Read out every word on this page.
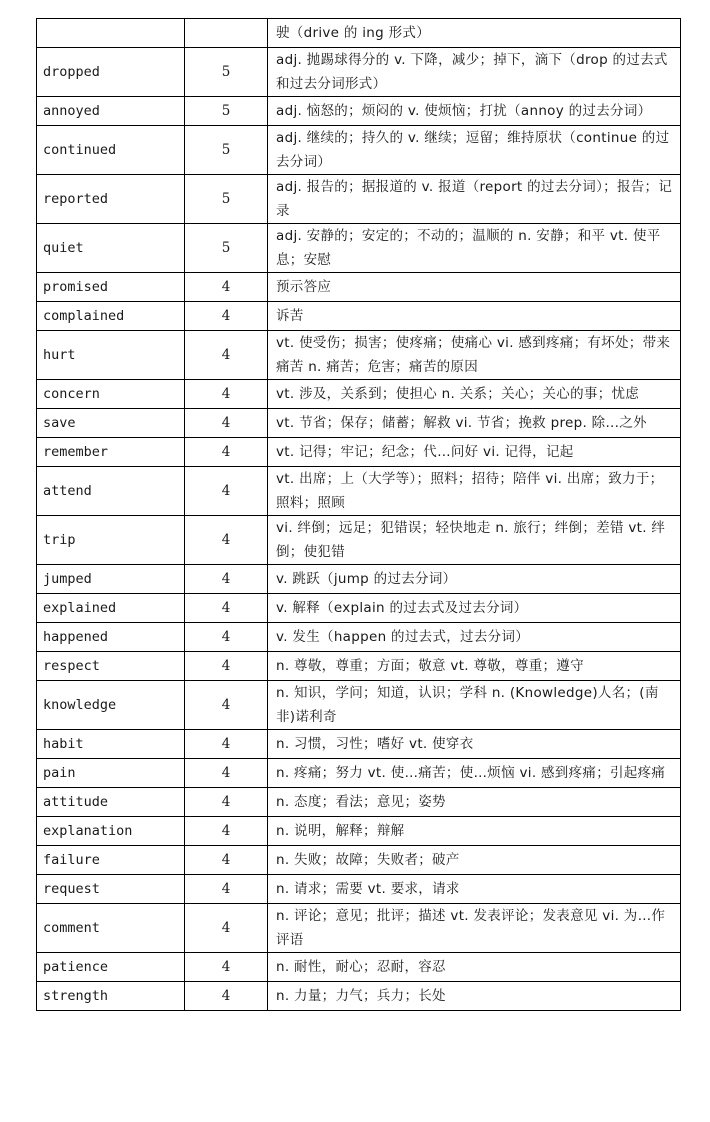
		驶（drive 的 ing 形式）
dropped	5	adj. 抛踢球得分的 v. 下降，减少；掉下，滴下（drop 的过去式和过去分词形式）
annoyed	5	adj. 恼怒的；烦闷的 v. 使烦恼；打扰（annoy 的过去分词）
continued	5	adj. 继续的；持久的 v. 继续；逗留；维持原状（continue 的过去分词）
reported	5	adj. 报告的；据报道的 v. 报道（report 的过去分词）；报告；记录
quiet	5	adj. 安静的；安定的；不动的；温顺的 n. 安静；和平 vt. 使平息；安慰
promised	4	预示答应
complained	4	诉苦
hurt	4	vt. 使受伤；损害；使疼痛；使痛心 vi. 感到疼痛；有坏处；带来痛苦 n. 痛苦；危害；痛苦的原因
concern	4	vt. 涉及，关系到；使担心 n. 关系；关心；关心的事；忧虑
save	4	vt. 节省；保存；储蓄；解救 vi. 节省；挽救 prep. 除...之外
remember	4	vt. 记得；牢记；纪念；代…问好 vi. 记得，记起
attend	4	vt. 出席；上（大学等）；照料；招待；陪伴 vi. 出席；致力于；照料；照顾
trip	4	vi. 绊倒；远足；犯错误；轻快地走 n. 旅行；绊倒；差错 vt. 绊倒；使犯错
jumped	4	v. 跳跃（jump 的过去分词）
explained	4	v. 解释（explain 的过去式及过去分词）
happened	4	v. 发生（happen 的过去式，过去分词）
respect	4	n. 尊敬，尊重；方面；敬意 vt. 尊敬，尊重；遵守
knowledge	4	n. 知识，学问；知道，认识；学科 n. (Knowledge)人名；(南非)诺利奇
habit	4	n. 习惯，习性；嗜好 vt. 使穿衣
pain	4	n. 疼痛；努力 vt. 使…痛苦；使…烦恼 vi. 感到疼痛；引起疼痛
attitude	4	n. 态度；看法；意见；姿势
explanation	4	n. 说明，解释；辩解
failure	4	n. 失败；故障；失败者；破产
request	4	n. 请求；需要 vt. 要求，请求
comment	4	n. 评论；意见；批评；描述 vt. 发表评论；发表意见 vi. 为…作评语
patience	4	n. 耐性，耐心；忍耐，容忍
strength	4	n. 力量；力气；兵力；长处
